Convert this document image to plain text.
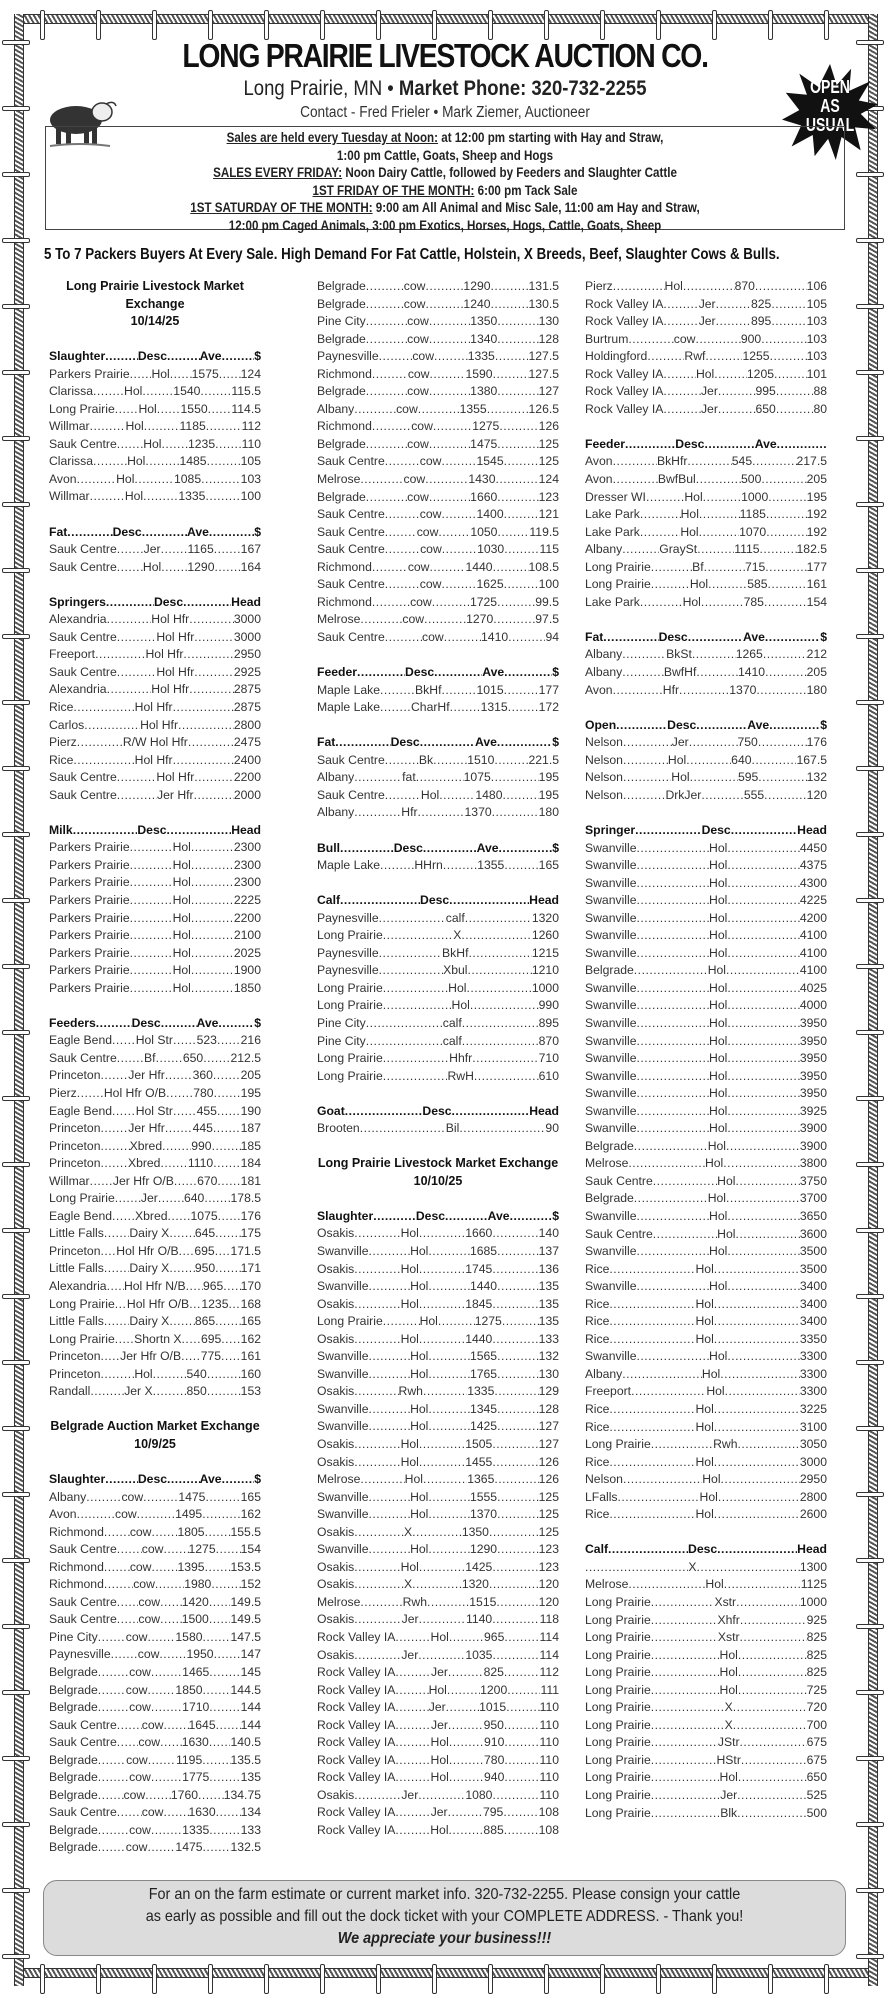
LONG PRAIRIE LIVESTOCK AUCTION CO.
Long Prairie, MN • Market Phone: 320-732-2255
Contact - Fred Frieler • Mark Ziemer, Auctioneer
OPEN
AS
USUAL
Sales are held every Tuesday at Noon: at 12:00 pm starting with Hay and Straw,
1:00 pm Cattle, Goats, Sheep and Hogs
SALES EVERY FRIDAY: Noon Dairy Cattle, followed by Feeders and Slaughter Cattle
1ST FRIDAY OF THE MONTH: 6:00 pm Tack Sale
1ST SATURDAY OF THE MONTH: 9:00 am All Animal and Misc Sale, 11:00 am Hay and Straw,
12:00 pm Caged Animals, 3:00 pm Exotics, Horses, Hogs, Cattle, Goats, Sheep
5 To 7 Packers Buyers At Every Sale. High Demand For Fat Cattle, Holstein, X Breeds, Beef, Slaughter Cows & Bulls.
Long Prairie Livestock Market Exchange
10/14/25
Slaughter
.....	Desc
.....	Ave
.....	$
Parkers Prairie
..... Hol
..... 1575
..... 124
Clarissa
.....	Hol
.....	1540
.....	115.5
Long Prairie
..... Hol
..... 1550
..... 114.5
Willmar
.....	Hol
.....	1185
.....	112
Sauk Centre
..... Hol
..... 1235
..... 110
Clarissa
.....	Hol
.....	1485
.....	105
Avon
.....	Hol
.....	1085
.....	103
Willmar
.....	Hol
.....	1335
.....	100
Fat
.....	Desc
.....	Ave
.....	$
Sauk Centre
..... Jer
..... 1165
..... 167
Sauk Centre
..... Hol
..... 1290
..... 164
Springers
.....	Desc
.....	Head
Alexandria
.....	Hol Hfr
.....	3000
Sauk Centre
.....	Hol Hfr
.....	3000
Freeport
.....	Hol Hfr
.....	2950
Sauk Centre
.....	Hol Hfr
.....	2925
Alexandria
.....	Hol Hfr
.....	2875
Rice
.....	Hol Hfr
.....	2875
Carlos
.....	Hol Hfr
.....	2800
Pierz
.....	R/W Hol Hfr
.....	2475
Rice
.....	Hol Hfr
.....	2400
Sauk Centre
.....	Hol Hfr
.....	2200
Sauk Centre
.....	Jer Hfr
.....	2000
Milk
.....	Desc
.....	Head
Parkers Prairie
.....	Hol
.....	2300
Parkers Prairie
.....	Hol
.....	2300
Parkers Prairie
.....	Hol
.....	2300
Parkers Prairie
.....	Hol
.....	2225
Parkers Prairie
.....	Hol
.....	2200
Parkers Prairie
.....	Hol
.....	2100
Parkers Prairie
.....	Hol
.....	2025
Parkers Prairie
.....	Hol
.....	1900
Parkers Prairie
.....	Hol
.....	1850
Feeders
.....	Desc
.....	Ave
.....	$
Eagle Bend
..... Hol Str
..... 523
..... 216
Sauk Centre
..... Bf
..... 650
..... 212.5
Princeton
..... Jer Hfr
..... 360
..... 205
Pierz
..... Hol Hfr O/B
..... 780
..... 195
Eagle Bend
..... Hol Str
..... 455
..... 190
Princeton
..... Jer Hfr
..... 445
..... 187
Princeton
..... Xbred
..... 990
..... 185
Princeton
..... Xbred
..... 1110
..... 184
Willmar
..... Jer Hfr O/B
..... 670
..... 181
Long Prairie
..... Jer
..... 640
..... 178.5
Eagle Bend
..... Xbred
..... 1075
..... 176
Little Falls
..... Dairy X
..... 645
..... 175
Princeton
..... Hol Hfr O/B
..... 695
..... 171.5
Little Falls
..... Dairy X
..... 950
..... 171
Alexandria
..... Hol Hfr N/B
..... 965
..... 170
Long Prairie
..... Hol Hfr O/B
..... 1235
..... 168
Little Falls
..... Dairy X
..... 865
..... 165
Long Prairie
..... Shortn X
..... 695
..... 162
Princeton
..... Jer Hfr O/B
..... 775
..... 161
Princeton
.....	Hol
.....	540
.....	160
Randall
.....	Jer X
.....	850
.....	153
Belgrade Auction Market Exchange
10/9/25
Slaughter
.....	Desc
.....	Ave
.....	$
Albany
.....	cow
.....	1475
.....	165
Avon
.....	cow
.....	1495
.....	162
Richmond
..... cow
..... 1805
..... 155.5
Sauk Centre
..... cow
..... 1275
..... 154
Richmond
..... cow
..... 1395
..... 153.5
Richmond
..... cow
..... 1980
..... 152
Sauk Centre
..... cow
..... 1420
..... 149.5
Sauk Centre
..... cow
..... 1500
..... 149.5
Pine City
..... cow
..... 1580
..... 147.5
Paynesville
..... cow
..... 1950
..... 147
Belgrade
.....	cow
.....	1465
.....	145
Belgrade
..... cow
..... 1850
..... 144.5
Belgrade
.....	cow
.....	1710
.....	144
Sauk Centre
..... cow
..... 1645
..... 144
Sauk Centre
..... cow
..... 1630
..... 140.5
Belgrade
..... cow
..... 1195
..... 135.5
Belgrade
.....	cow
.....	1775
.....	135
Belgrade
..... cow
..... 1760
..... 134.75
Sauk Centre
..... cow
..... 1630
..... 134
Belgrade
.....	cow
.....	1335
.....	133
Belgrade
..... cow
..... 1475
..... 132.5
Belgrade
.....	cow
.....	1290
.....	131.5
Belgrade
.....	cow
.....	1240
.....	130.5
Pine City
.....	cow
.....	1350
.....	130
Belgrade
.....	cow
.....	1340
.....	128
Paynesville
.....	cow
.....	1335
.....	127.5
Richmond
.....	cow
.....	1590
.....	127.5
Belgrade
.....	cow
.....	1380
.....	127
Albany
.....	cow
.....	1355
.....	126.5
Richmond
.....	cow
.....	1275
.....	126
Belgrade
.....	cow
.....	1475
.....	125
Sauk Centre
.....	cow
.....	1545
.....	125
Melrose
.....	cow
.....	1430
.....	124
Belgrade
.....	cow
.....	1660
.....	123
Sauk Centre
.....	cow
.....	1400
.....	121
Sauk Centre
.....	cow
.....	1050
.....	119.5
Sauk Centre
.....	cow
.....	1030
.....	115
Richmond
.....	cow
.....	1440
.....	108.5
Sauk Centre
.....	cow
.....	1625
.....	100
Richmond
.....	cow
.....	1725
.....	99.5
Melrose
.....	cow
.....	1270
.....	97.5
Sauk Centre
.....	cow
.....	1410
.....	94
Feeder
.....	Desc
.....	Ave
.....	$
Maple Lake
.....	BkHf
.....	1015
.....	177
Maple Lake
.....	CharHf
.....	1315
.....	172
Fat
.....	Desc
.....	Ave
.....	$
Sauk Centre
.....	Bk
.....	1510
.....	221.5
Albany
.....	fat
.....	1075
.....	195
Sauk Centre
.....	Hol
.....	1480
.....	195
Albany
.....	Hfr
.....	1370
.....	180
Bull
.....	Desc
.....	Ave
.....	$
Maple Lake
.....	HHrn
.....	1355
.....	165
Calf
.....	Desc
.....	Head
Paynesville
.....	calf
.....	1320
Long Prairie
.....	X
.....	1260
Paynesville
.....	BkHf
.....	1215
Paynesville
.....	Xbul
.....	1210
Long Prairie
.....	Hol
.....	1000
Long Prairie
.....	Hol
.....	990
Pine City
.....	calf
.....	895
Pine City
.....	calf
.....	870
Long Prairie
.....	Hhfr
.....	710
Long Prairie
.....	RwH
.....	610
Goat
.....	Desc
.....	Head
Brooten
.....	Bil
.....	90
Long Prairie Livestock Market Exchange
10/10/25
Slaughter
.....	Desc
.....	Ave
.....	$
Osakis
.....	Hol
.....	1660
.....	140
Swanville
.....	Hol
.....	1685
.....	137
Osakis
.....	Hol
.....	1745
.....	136
Swanville
.....	Hol
.....	1440
.....	135
Osakis
.....	Hol
.....	1845
.....	135
Long Prairie
.....	Hol
.....	1275
.....	135
Osakis
.....	Hol
.....	1440
.....	133
Swanville
.....	Hol
.....	1565
.....	132
Swanville
.....	Hol
.....	1765
.....	130
Osakis
.....	Rwh
.....	1335
.....	129
Swanville
.....	Hol
.....	1345
.....	128
Swanville
.....	Hol
.....	1425
.....	127
Osakis
.....	Hol
.....	1505
.....	127
Osakis
.....	Hol
.....	1455
.....	126
Melrose
.....	Hol
.....	1365
.....	126
Swanville
.....	Hol
.....	1555
.....	125
Swanville
.....	Hol
.....	1370
.....	125
Osakis
.....	X
.....	1350
.....	125
Swanville
.....	Hol
.....	1290
.....	123
Osakis
.....	Hol
.....	1425
.....	123
Osakis
.....	X
.....	1320
.....	120
Melrose
.....	Rwh
.....	1515
.....	120
Osakis
.....	Jer
.....	1140
.....	118
Rock Valley IA
.....	Hol
.....	965
.....	114
Osakis
.....	Jer
.....	1035
.....	114
Rock Valley IA
.....	Jer
.....	825
.....	112
Rock Valley IA
.....	Hol
.....	1200
.....	111
Rock Valley IA
.....	Jer
.....	1015
.....	110
Rock Valley IA
.....	Jer
.....	950
.....	110
Rock Valley IA
.....	Hol
.....	910
.....	110
Rock Valley IA
.....	Hol
.....	780
.....	110
Rock Valley IA
.....	Hol
.....	940
.....	110
Osakis
.....	Jer
.....	1080
.....	110
Rock Valley IA
.....	Jer
.....	795
.....	108
Rock Valley IA
.....	Hol
.....	885
.....	108
Pierz
.....	Hol
.....	870
.....	106
Rock Valley IA
.....	Jer
.....	825
.....	105
Rock Valley IA
.....	Jer
.....	895
.....	103
Burtrum
.....	cow
.....	900
.....	103
Holdingford
.....	Rwf
.....	1255
.....	103
Rock Valley IA
.....	Hol
.....	1205
.....	101
Rock Valley IA
.....	Jer
.....	995
.....	88
Rock Valley IA
.....	Jer
.....	650
.....	80
Feeder
.....	Desc
.....	Ave
.....
Avon
.....	BkHfr
.....	545
.....	217.5
Avon
.....	BwfBul
.....	500
.....	205
Dresser WI
.....	Hol
.....	1000
.....	195
Lake Park
.....	Hol
.....	1185
.....	192
Lake Park
.....	Hol
.....	1070
.....	192
Albany
.....	GraySt
.....	1115
.....	182.5
Long Prairie
.....	Bf
.....	715
.....	177
Long Prairie
.....	Hol
.....	585
.....	161
Lake Park
.....	Hol
.....	785
.....	154
Fat
.....	Desc
.....	Ave
.....	$
Albany
.....	BkSt
.....	1265
.....	212
Albany
.....	BwfHf
.....	1410
.....	205
Avon
.....	Hfr
.....	1370
.....	180
Open
.....	Desc
.....	Ave
.....	$
Nelson
.....	Jer
.....	750
.....	176
Nelson
.....	Hol
.....	640
.....	167.5
Nelson
.....	Hol
.....	595
.....	132
Nelson
.....	DrkJer
.....	555
.....	120
Springer
.....	Desc
.....	Head
Swanville
.....	Hol
.....	4450
Swanville
.....	Hol
.....	4375
Swanville
.....	Hol
.....	4300
Swanville
.....	Hol
.....	4225
Swanville
.....	Hol
.....	4200
Swanville
.....	Hol
.....	4100
Swanville
.....	Hol
.....	4100
Belgrade
.....	Hol
.....	4100
Swanville
.....	Hol
.....	4025
Swanville
.....	Hol
.....	4000
Swanville
.....	Hol
.....	3950
Swanville
.....	Hol
.....	3950
Swanville
.....	Hol
.....	3950
Swanville
.....	Hol
.....	3950
Swanville
.....	Hol
.....	3950
Swanville
.....	Hol
.....	3925
Swanville
.....	Hol
.....	3900
Belgrade
.....	Hol
.....	3900
Melrose
.....	Hol
.....	3800
Sauk Centre
.....	Hol
.....	3750
Belgrade
.....	Hol
.....	3700
Swanville
.....	Hol
.....	3650
Sauk Centre
.....	Hol
.....	3600
Swanville
.....	Hol
.....	3500
Rice
.....	Hol
.....	3500
Swanville
.....	Hol
.....	3400
Rice
.....	Hol
.....	3400
Rice
.....	Hol
.....	3400
Rice
.....	Hol
.....	3350
Swanville
.....	Hol
.....	3300
Albany
.....	Hol
.....	3300
Freeport
.....	Hol
.....	3300
Rice
.....	Hol
.....	3225
Rice
.....	Hol
.....	3100
Long Prairie
.....	Rwh
.....	3050
Rice
.....	Hol
.....	3000
Nelson
.....	Hol
.....	2950
LFalls
.....	Hol
.....	2800
Rice
.....	Hol
.....	2600
Calf
.....	Desc
.....	Head
.....
X
.....	1300
Melrose
.....	Hol
.....	1125
Long Prairie
.....	Xstr
.....	1000
Long Prairie
.....	Xhfr
.....	925
Long Prairie
.....	Xstr
.....	825
Long Prairie
.....	Hol
.....	825
Long Prairie
.....	Hol
.....	825
Long Prairie
.....	Hol
.....	725
Long Prairie
.....	X
.....	720
Long Prairie
.....	X
.....	700
Long Prairie
.....	JStr
.....	675
Long Prairie
.....	HStr
.....	675
Long Prairie
.....	Hol
.....	650
Long Prairie
.....	Jer
.....	525
Long Prairie
.....	Blk
.....	500
For an on the farm estimate or current market info. 320-732-2255. Please consign your cattle
as early as possible and fill out the dock ticket with your COMPLETE ADDRESS. - Thank you!
We appreciate your business!!!
